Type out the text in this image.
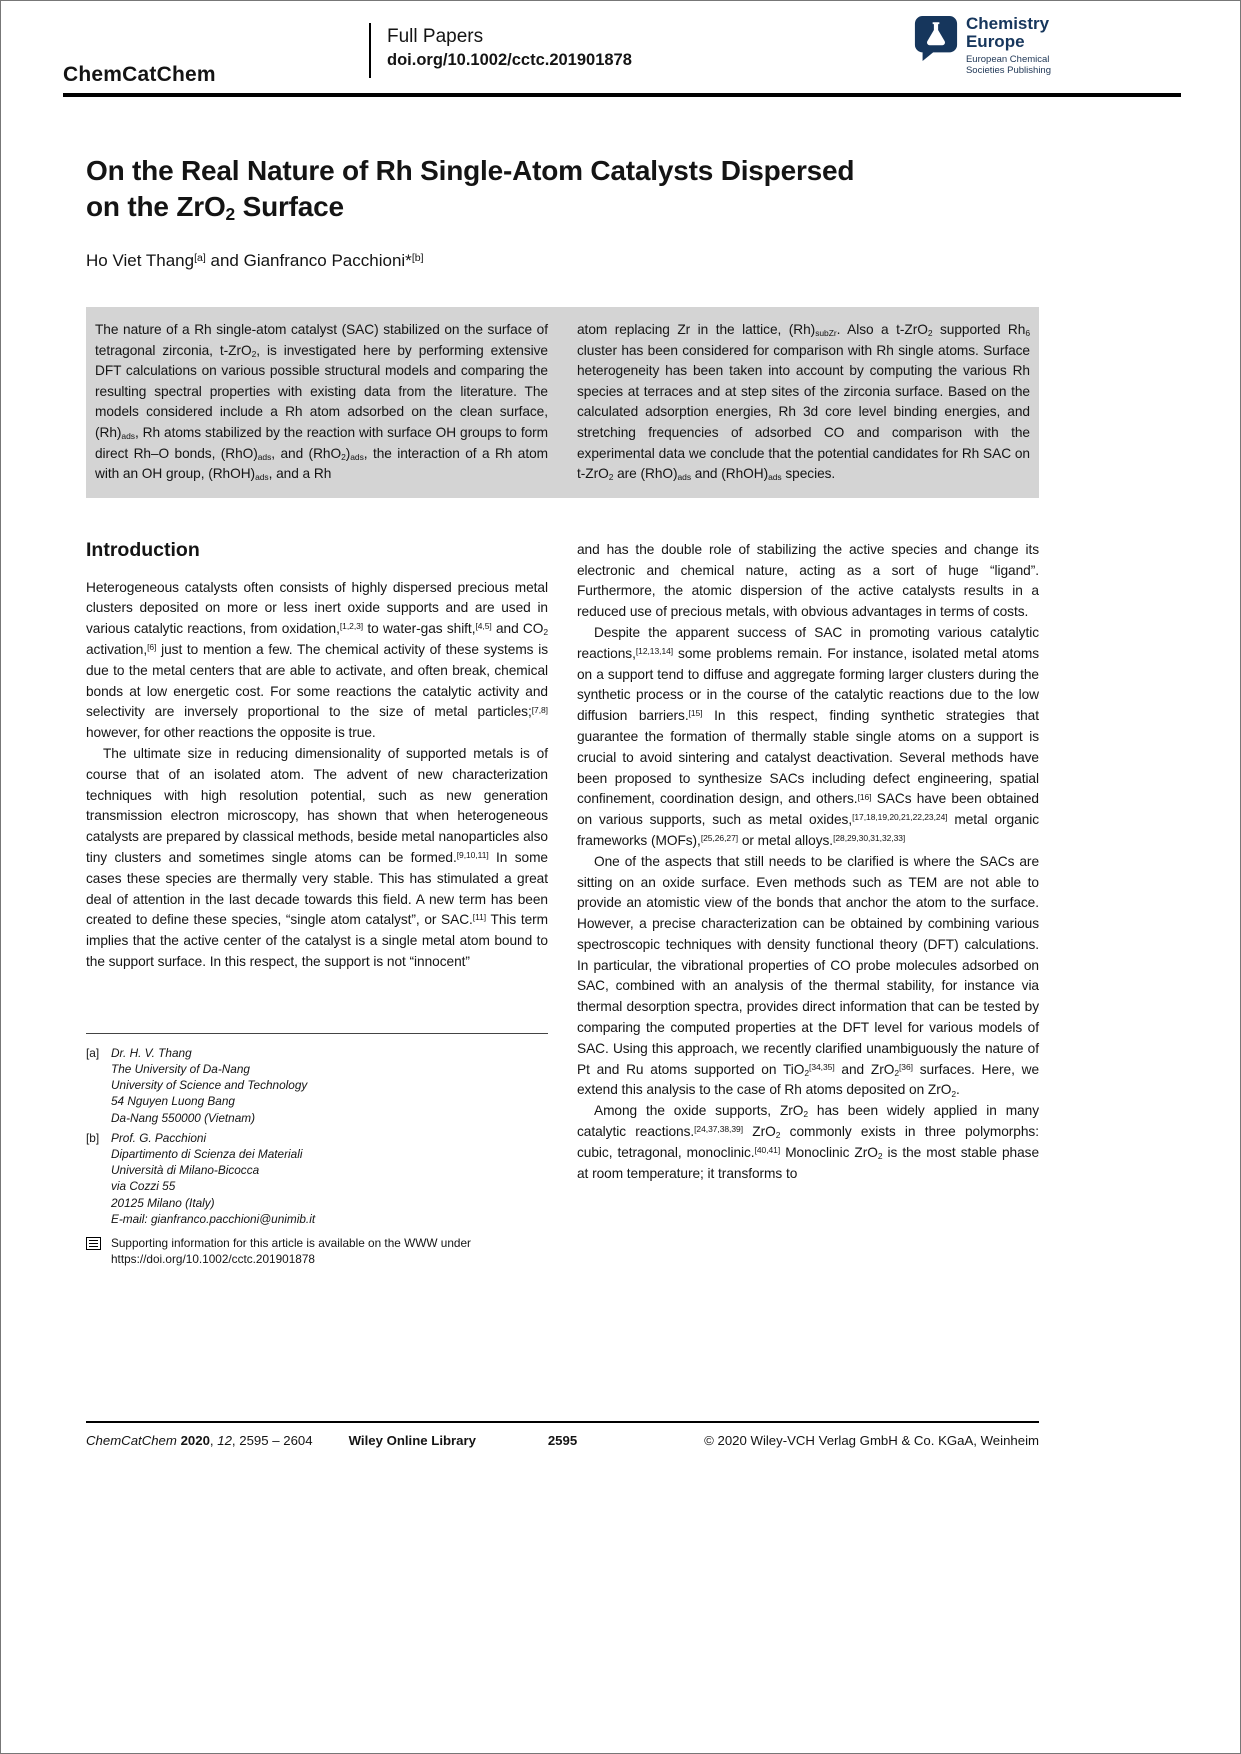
ChemCatChem
Full Papers
doi.org/10.1002/cctc.201901878
Chemistry
Europe
European Chemical
Societies Publishing
On the Real Nature of Rh Single-Atom Catalysts Dispersed
on the ZrO$_2$ Surface
Ho Viet Thang[a] and Gianfranco Pacchioni*[b]
The nature of a Rh single-atom catalyst (SAC) stabilized on the surface of tetragonal zirconia, t-ZrO$_2$, is investigated here by performing extensive DFT calculations on various possible structural models and comparing the resulting spectral properties with existing data from the literature. The models considered include a Rh atom adsorbed on the clean surface, $(Rh)_{ads}$, Rh atoms stabilized by the reaction with surface OH groups to form direct Rh–O bonds, $(RhO)_{ads}$, and $(RhO_2)_{ads}$, the interaction of a Rh atom with an OH group, $(RhOH)_{ads}$, and a Rh
atom replacing Zr in the lattice, $(Rh)_{subZr}$. Also a t-ZrO$_2$ supported $Rh_6$ cluster has been considered for comparison with Rh single atoms. Surface heterogeneity has been taken into account by computing the various Rh species at terraces and at step sites of the zirconia surface. Based on the calculated adsorption energies, Rh 3d core level binding energies, and stretching frequencies of adsorbed CO and comparison with the experimental data we conclude that the potential candidates for Rh SAC on t-ZrO$_2$ are $(RhO)_{ads}$ and $(RhOH)_{ads}$ species.
Introduction

Heterogeneous catalysts often consists of highly dispersed precious metal clusters deposited on more or less inert oxide supports and are used in various catalytic reactions, from oxidation,[1,2,3] to water-gas shift,[4,5] and $CO_2$ activation,[6] just to mention a few. The chemical activity of these systems is due to the metal centers that are able to activate, and often break, chemical bonds at low energetic cost. For some reactions the catalytic activity and selectivity are inversely proportional to the size of metal particles;[7,8] however, for other reactions the opposite is true.

The ultimate size in reducing dimensionality of supported metals is of course that of an isolated atom. The advent of new characterization techniques with high resolution potential, such as new generation transmission electron microscopy, has shown that when heterogeneous catalysts are prepared by classical methods, beside metal nanoparticles also tiny clusters and sometimes single atoms can be formed.[9,10,11] In some cases these species are thermally very stable. This has stimulated a great deal of attention in the last decade towards this field. A new term has been created to define these species, “single atom catalyst”, or SAC.[11] This term implies that the active center of the catalyst is a single metal atom bound to the support surface. In this respect, the support is not “innocent”

[a] Dr. H. V. Thang
The University of Da-Nang
University of Science and Technology
54 Nguyen Luong Bang
Da-Nang 550000 (Vietnam)
[b] Prof. G. Pacchioni
Dipartimento di Scienza dei Materiali
Università di Milano-Bicocca
via Cozzi 55
20125 Milano (Italy)
E-mail: gianfranco.pacchioni@unimib.it
Supporting information for this article is available on the WWW under https://doi.org/10.1002/cctc.201901878

and has the double role of stabilizing the active species and change its electronic and chemical nature, acting as a sort of huge “ligand”. Furthermore, the atomic dispersion of the active catalysts results in a reduced use of precious metals, with obvious advantages in terms of costs.

Despite the apparent success of SAC in promoting various catalytic reactions,[12,13,14] some problems remain. For instance, isolated metal atoms on a support tend to diffuse and aggregate forming larger clusters during the synthetic process or in the course of the catalytic reactions due to the low diffusion barriers.[15] In this respect, finding synthetic strategies that guarantee the formation of thermally stable single atoms on a support is crucial to avoid sintering and catalyst deactivation. Several methods have been proposed to synthesize SACs including defect engineering, spatial confinement, coordination design, and others.[16] SACs have been obtained on various supports, such as metal oxides,[17,18,19,20,21,22,23,24] metal organic frameworks (MOFs),[25,26,27] or metal alloys.[28,29,30,31,32,33]

One of the aspects that still needs to be clarified is where the SACs are sitting on an oxide surface. Even methods such as TEM are not able to provide an atomistic view of the bonds that anchor the atom to the surface. However, a precise characterization can be obtained by combining various spectroscopic techniques with density functional theory (DFT) calculations. In particular, the vibrational properties of CO probe molecules adsorbed on SAC, combined with an analysis of the thermal stability, for instance via thermal desorption spectra, provides direct information that can be tested by comparing the computed properties at the DFT level for various models of SAC. Using this approach, we recently clarified unambiguously the nature of Pt and Ru atoms supported on TiO$_2$[34,35] and ZrO$_2$[36] surfaces. Here, we extend this analysis to the case of Rh atoms deposited on ZrO$_2$.

Among the oxide supports, ZrO$_2$ has been widely applied in many catalytic reactions.[24,37,38,39] ZrO$_2$ commonly exists in three polymorphs: cubic, tetragonal, monoclinic.[40,41] Monoclinic ZrO$_2$ is the most stable phase at room temperature; it transforms to

ChemCatChem 2020, 12, 2595 – 2604	Wiley Online Library	2595	© 2020 Wiley-VCH Verlag GmbH & Co. KGaA, Weinheim
